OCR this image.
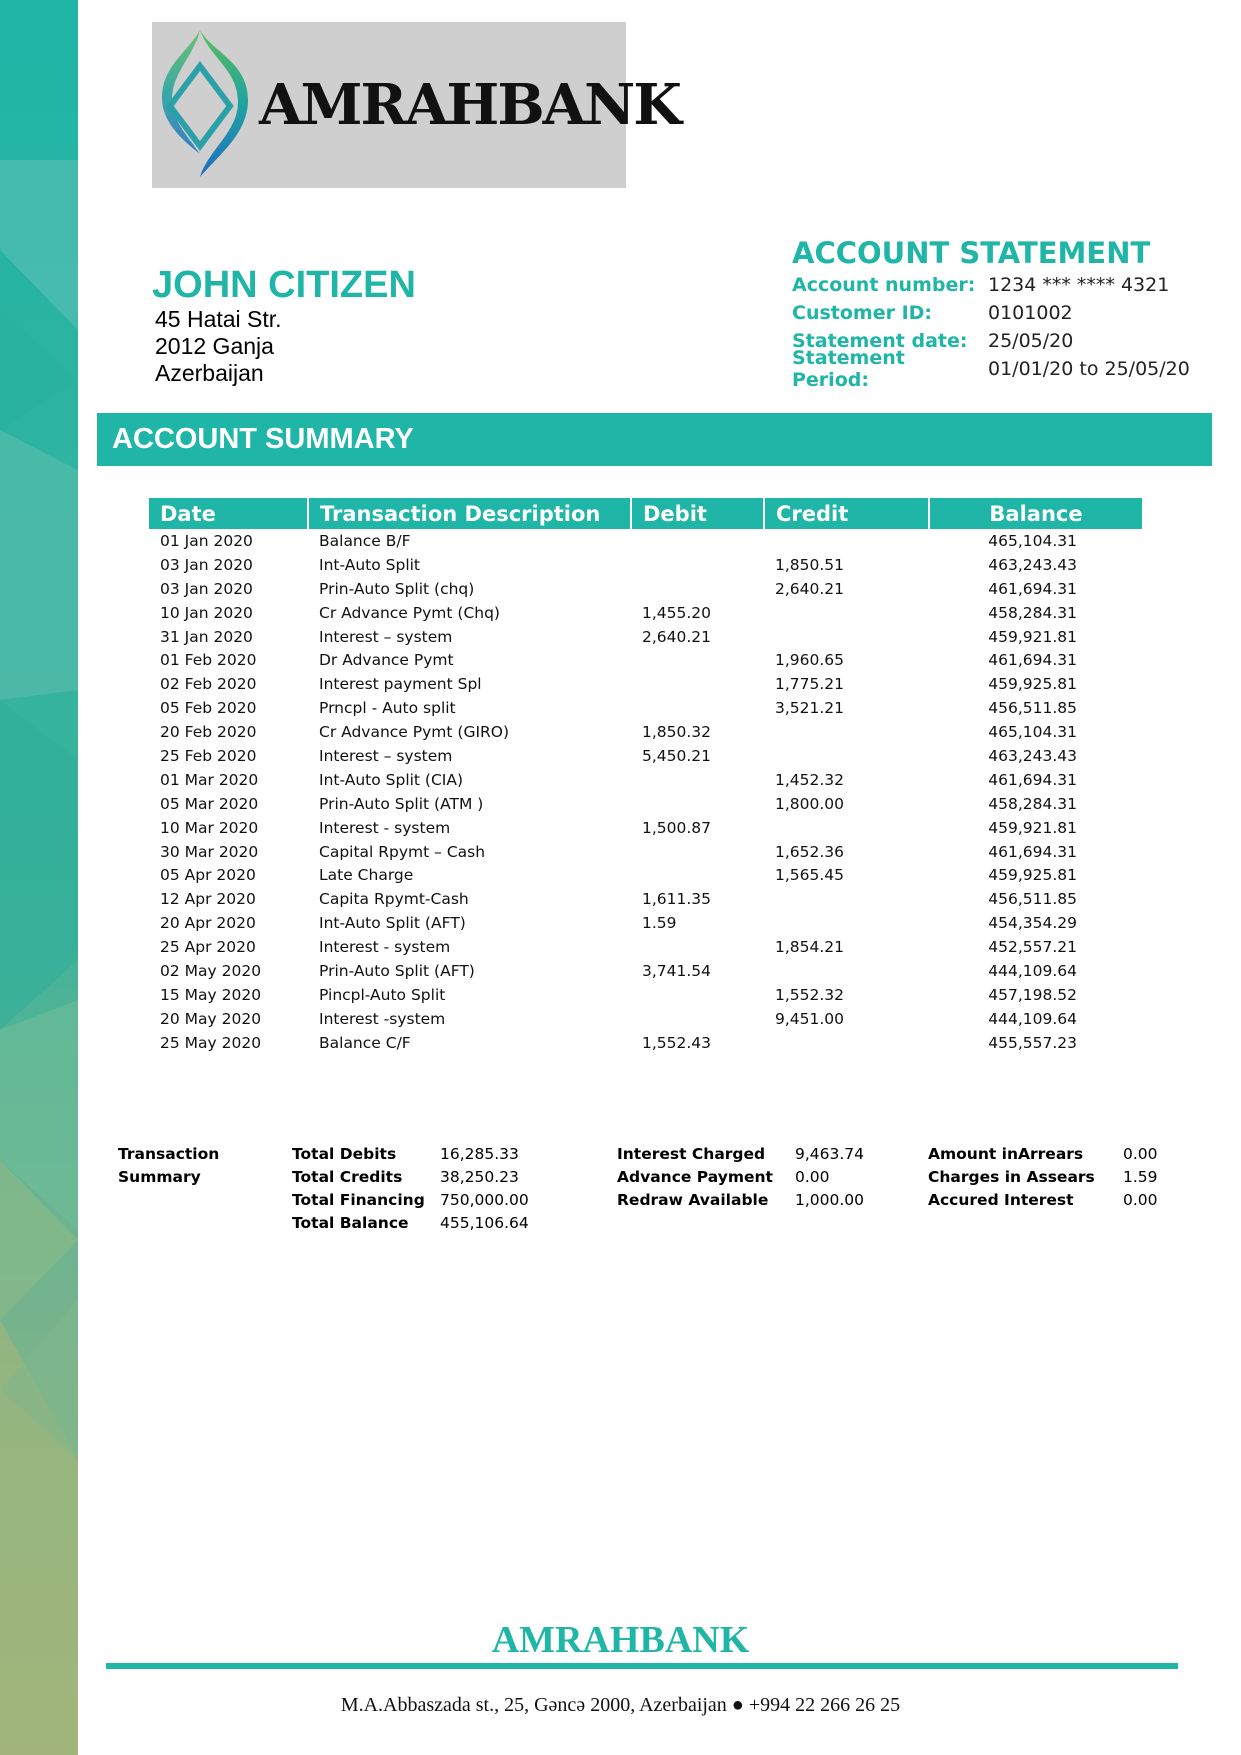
AMRAHBANK
JOHN CITIZEN
45 Hatai Str.
2012 Ganja
Azerbaijan
ACCOUNT STATEMENT
Account number: 1234 *** **** 4321
Customer ID:	0101002
Statement date:	25/05/20
Statement Period:	01/01/20 to 25/05/20
ACCOUNT SUMMARY
Date	Transaction Description	Debit	Credit	Balance
01 Jan 2020	Balance B/F			465,104.31
03 Jan 2020	Int-Auto Split		1,850.51	463,243.43
03 Jan 2020	Prin-Auto Split (chq)		2,640.21	461,694.31
10 Jan 2020	Cr Advance Pymt (Chq)	1,455.20		458,284.31
31 Jan 2020	Interest – system	2,640.21		459,921.81
01 Feb 2020	Dr Advance Pymt		1,960.65	461,694.31
02 Feb 2020	Interest payment Spl		1,775.21	459,925.81
05 Feb 2020	Prncpl - Auto split		3,521.21	456,511.85
20 Feb 2020	Cr Advance Pymt (GIRO)	1,850.32		465,104.31
25 Feb 2020	Interest – system	5,450.21		463,243.43
01 Mar 2020	Int-Auto Split (CIA)		1,452.32	461,694.31
05 Mar 2020	Prin-Auto Split (ATM )		1,800.00	458,284.31
10 Mar 2020	Interest - system	1,500.87		459,921.81
30 Mar 2020	Capital Rpymt – Cash		1,652.36	461,694.31
05 Apr 2020	Late Charge		1,565.45	459,925.81
12 Apr 2020	Capita Rpymt-Cash	1,611.35		456,511.85
20 Apr 2020	Int-Auto Split (AFT)	1.59		454,354.29
25 Apr 2020	Interest - system		1,854.21	452,557.21
02 May 2020	Prin-Auto Split (AFT)	3,741.54		444,109.64
15 May 2020	Pincpl-Auto Split		1,552.32	457,198.52
20 May 2020	Interest -system		9,451.00	444,109.64
25 May 2020	Balance C/F	1,552.43		455,557.23
Transaction
Summary
Total Debits	16,285.33
Total Credits	38,250.23
Total Financing 750,000.00
Total Balance	455,106.64
Interest Charged	9,463.74
Advance Payment	0.00
Redraw Available	1,000.00
Amount inArrears	0.00
Charges in Assears	1.59
Accured Interest	0.00
AMRAHBANK
M.A.Abbaszada st., 25, Gəncə 2000, Azerbaijan ● +994 22 266 26 25
